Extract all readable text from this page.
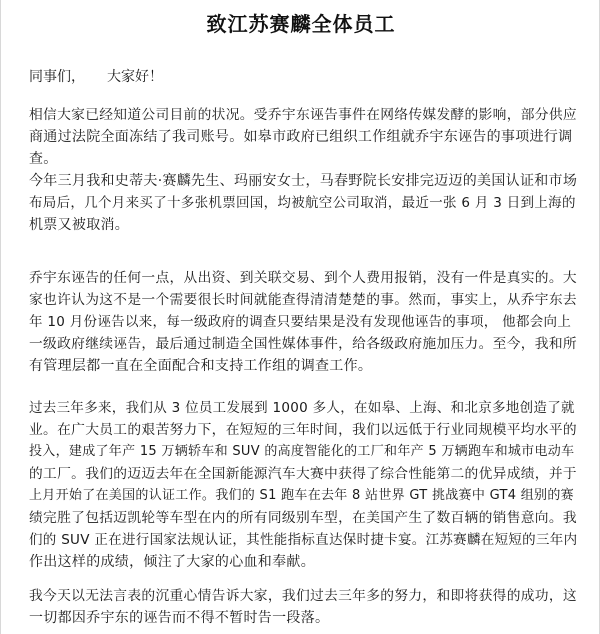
致江苏赛麟全体员工
同事们， 大家好！
相信大家已经知道公司目前的状况。受乔宇东诬告事件在网络传媒发酵的影响，部分供应
商通过法院全面冻结了我司账号。如皋市政府已组织工作组就乔宇东诬告的事项进行调
查。
今年三月我和史蒂夫·赛麟先生、玛丽安女士，马春野院长安排完迈迈的美国认证和市场
布局后，几个月来买了十多张机票回国，均被航空公司取消，最近一张 6 月 3 日到上海的
机票又被取消。
乔宇东诬告的任何一点，从出资、到关联交易、到个人费用报销，没有一件是真实的。大
家也许认为这不是一个需要很长时间就能查得清清楚楚的事。然而，事实上，从乔宇东去
年 10 月份诬告以来，每一级政府的调查只要结果是没有发现他诬告的事项， 他都会向上
一级政府继续诬告，最后通过制造全国性媒体事件，给各级政府施加压力。至今，我和所
有管理层都一直在全面配合和支持工作组的调查工作。
过去三年多来，我们从 3 位员工发展到 1000 多人，在如皋、上海、和北京多地创造了就
业。在广大员工的艰苦努力下，在短短的三年时间，我们以远低于行业同规模平均水平的
投入，建成了年产 15 万辆轿车和 SUV 的高度智能化的工厂和年产 5 万辆跑车和城市电动车
的工厂。我们的迈迈去年在全国新能源汽车大赛中获得了综合性能第二的优异成绩，并于
上月开始了在美国的认证工作。我们的 S1 跑车在去年 8 站世界 GT 挑战赛中 GT4 组别的赛
绩完胜了包括迈凯轮等车型在内的所有同级别车型，在美国产生了数百辆的销售意向。我
们的 SUV 正在进行国家法规认证，其性能指标直达保时捷卡宴。江苏赛麟在短短的三年内
作出这样的成绩，倾注了大家的心血和奉献。
我今天以无法言表的沉重心情告诉大家，我们过去三年多的努力，和即将获得的成功，这
一切都因乔宇东的诬告而不得不暂时告一段落。
